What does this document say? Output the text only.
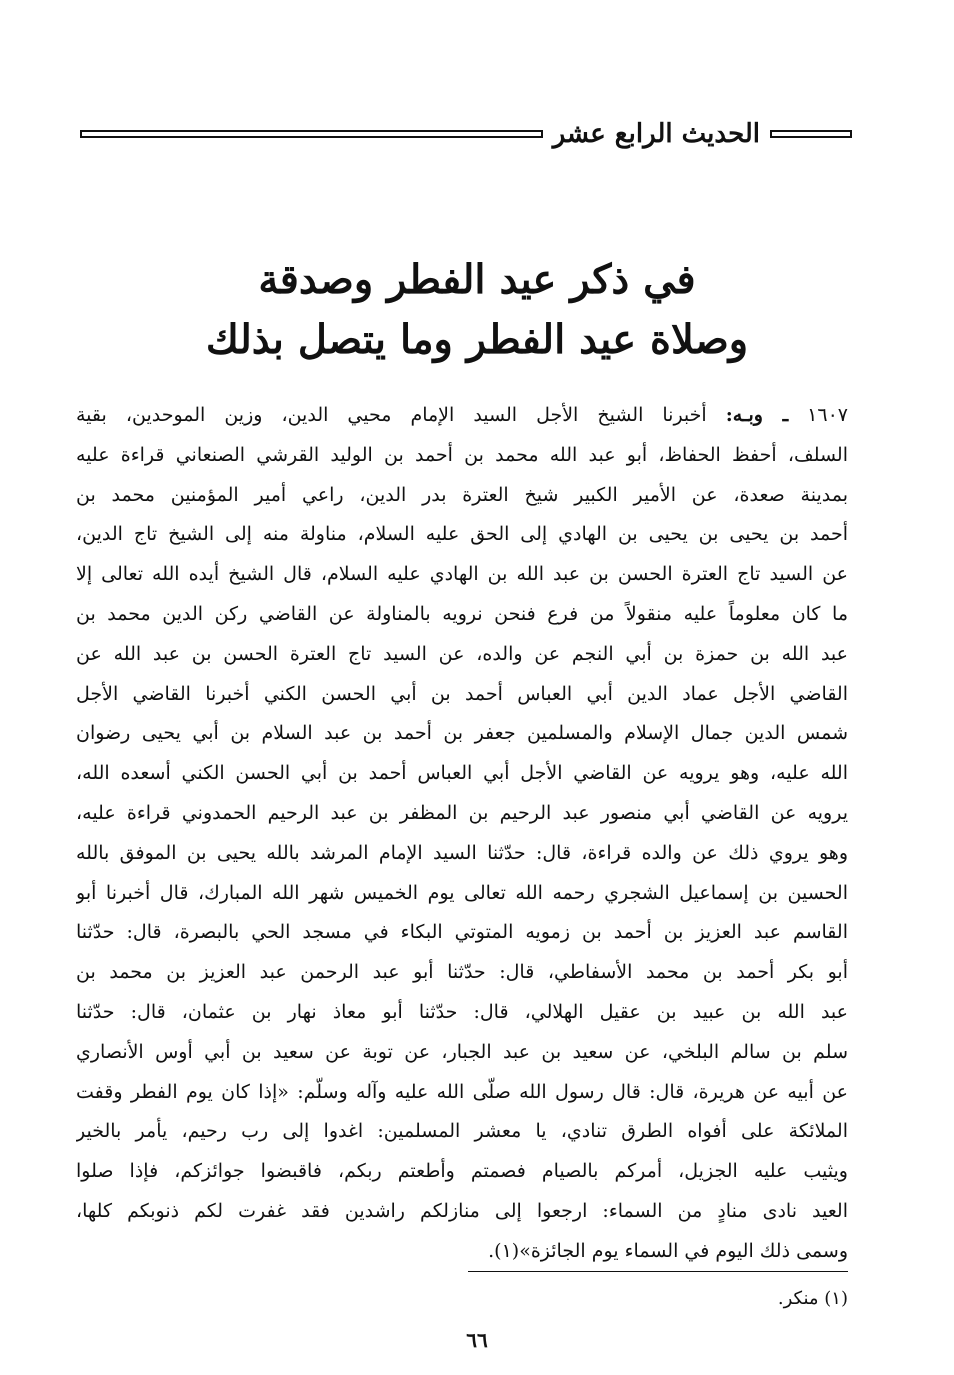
الحديث الرابع عشر
في ذكر عيد الفطر وصدقة
وصلاة عيد الفطر وما يتصل بذلك
١٦٠٧ ـ وبـه: أخبرنا الشيخ الأجل السيد الإمام محيي الدين، وزين الموحدين، بقية
السلف، أحفظ الحفاظ، أبو عبد الله محمد بن أحمد بن الوليد القرشي الصنعاني قراءة عليه
بمدينة صعدة، عن الأمير الكبير شيخ العترة بدر الدين، راعي أمير المؤمنين محمد بن
أحمد بن يحيى بن يحيى بن الهادي إلى الحق عليه السلام، مناولة منه إلى الشيخ تاج الدين،
عن السيد تاج العترة الحسن بن عبد الله بن الهادي عليه السلام، قال الشيخ أيده الله تعالى إلا
ما كان معلوماً عليه منقولاً من فرع فنحن نرويه بالمناولة عن القاضي ركن الدين محمد بن
عبد الله بن حمزة بن أبي النجم عن والده، عن السيد تاج العترة الحسن بن عبد الله عن
القاضي الأجل عماد الدين أبي العباس أحمد بن أبي الحسن الكني أخبرنا القاضي الأجل
شمس الدين جمال الإسلام والمسلمين جعفر بن أحمد بن عبد السلام بن أبي يحيى رضوان
الله عليه، وهو يرويه عن القاضي الأجل أبي العباس أحمد بن أبي الحسن الكني أسعده الله،
يرويه عن القاضي أبي منصور عبد الرحيم بن المظفر بن عبد الرحيم الحمدوني قراءة عليه،
وهو يروي ذلك عن والده قراءة، قال: حدّثنا السيد الإمام المرشد بالله يحيى بن الموفق بالله
الحسين بن إسماعيل الشجري رحمه الله تعالى يوم الخميس شهر الله المبارك، قال أخبرنا أبو
القاسم عبد العزيز بن أحمد بن زمويه المتوتي البكاء في مسجد الحي بالبصرة، قال: حدّثنا
أبو بكر أحمد بن محمد الأسفاطي، قال: حدّثنا أبو عبد الرحمن عبد العزيز بن محمد بن
عبد الله بن عبيد بن عقيل الهلالي، قال: حدّثنا أبو معاذ نهار بن عثمان، قال: حدّثنا
سلم بن سالم البلخي، عن سعيد بن عبد الجبار، عن توبة عن سعيد بن أبي أوس الأنصاري
عن أبيه عن هريرة، قال: قال رسول الله صلّى الله عليه وآله وسلّم: «إذا كان يوم الفطر وقفت
الملائكة على أفواه الطرق تنادي، يا معشر المسلمين: اغدوا إلى رب رحيم، يأمر بالخير
ويثيب عليه الجزيل، أمركم بالصيام فصمتم وأطعتم ربكم، فاقبضوا جوائزكم، فإذا صلوا
العيد نادى منادٍ من السماء: ارجعوا إلى منازلكم راشدين فقد غفرت لكم ذنوبكم كلها،
وسمى ذلك اليوم في السماء يوم الجائزة»(١).
(١) منكر.
٦٦
